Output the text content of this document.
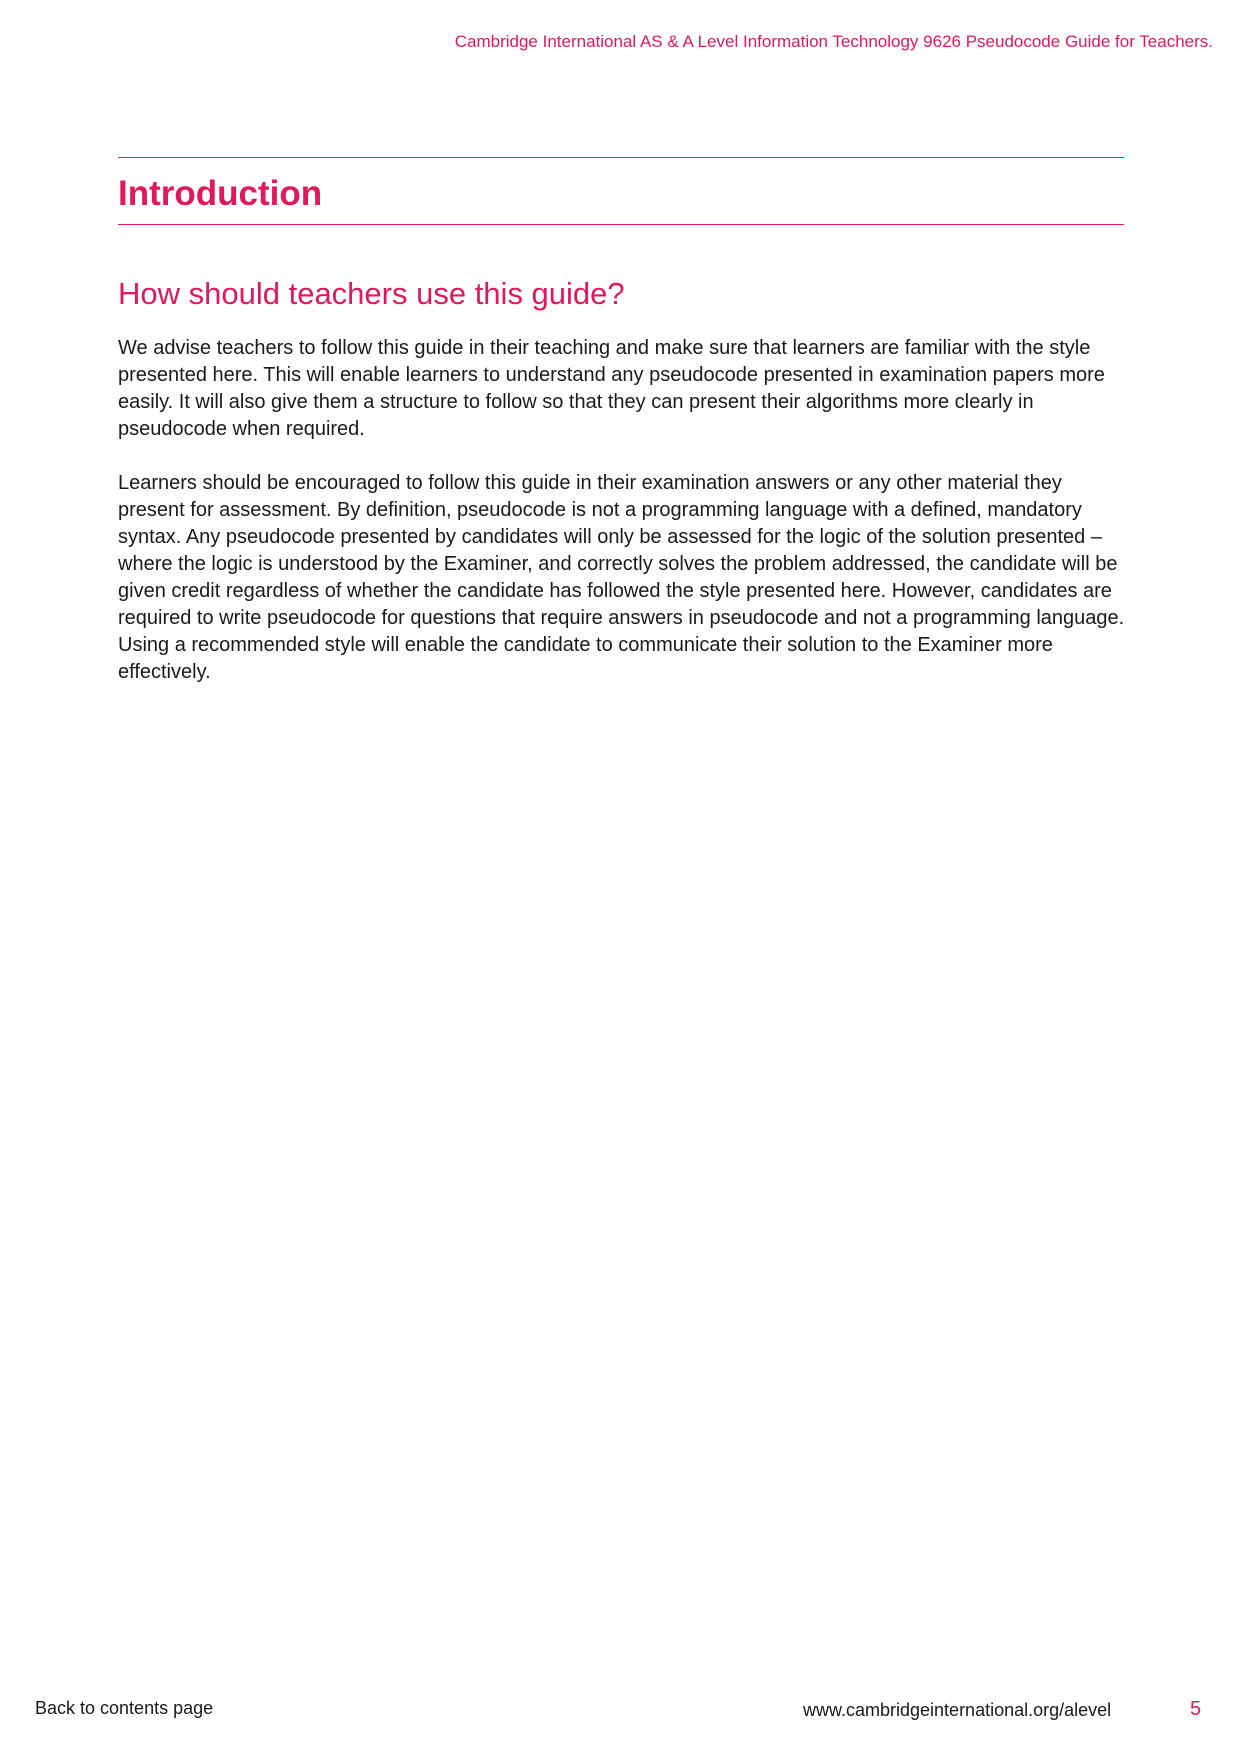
Cambridge International AS & A Level Information Technology 9626 Pseudocode Guide for Teachers.
Introduction
How should teachers use this guide?

We advise teachers to follow this guide in their teaching and make sure that learners are familiar with the style presented here. This will enable learners to understand any pseudocode presented in examination papers more easily. It will also give them a structure to follow so that they can present their algorithms more clearly in pseudocode when required.

Learners should be encouraged to follow this guide in their examination answers or any other material they present for assessment. By definition, pseudocode is not a programming language with a defined, mandatory syntax. Any pseudocode presented by candidates will only be assessed for the logic of the solution presented – where the logic is understood by the Examiner, and correctly solves the problem addressed, the candidate will be given credit regardless of whether the candidate has followed the style presented here. However, candidates are required to write pseudocode for questions that require answers in pseudocode and not a programming language. Using a recommended style will enable the candidate to communicate their solution to the Examiner more effectively.

Back to contents page	www.cambridgeinternational.org/alevel	5
